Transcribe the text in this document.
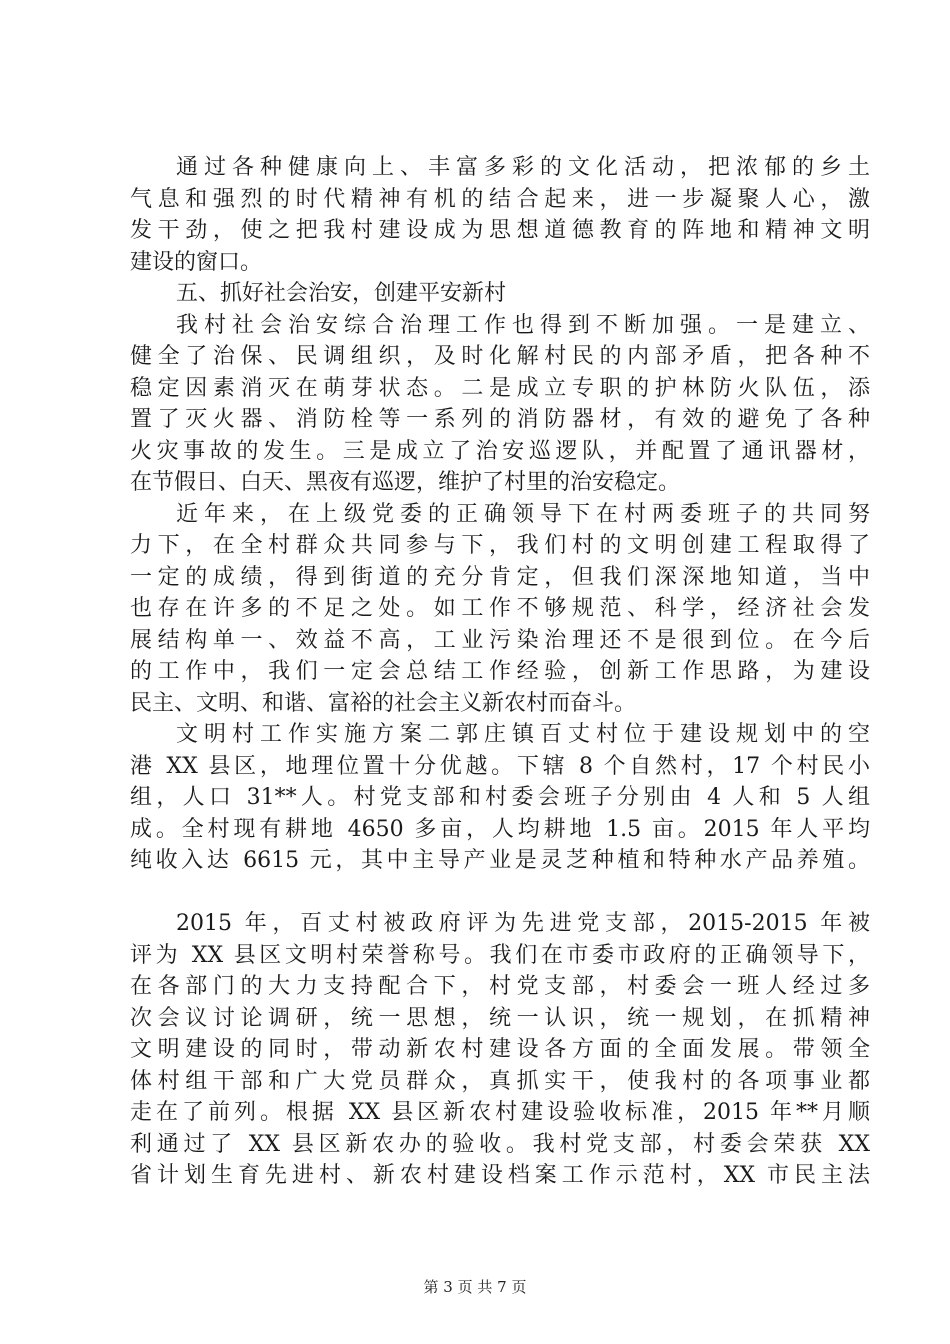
通过各种健康向上、丰富多彩的文化活动，把浓郁的乡土
气息和强烈的时代精神有机的结合起来，进一步凝聚人心，激
发干劲，使之把我村建设成为思想道德教育的阵地和精神文明
建设的窗口。
五、抓好社会治安，创建平安新村
我村社会治安综合治理工作也得到不断加强。一是建立、
健全了治保、民调组织，及时化解村民的内部矛盾，把各种不
稳定因素消灭在萌芽状态。二是成立专职的护林防火队伍，添
置了灭火器、消防栓等一系列的消防器材，有效的避免了各种
火灾事故的发生。三是成立了治安巡逻队，并配置了通讯器材，
在节假日、白天、黑夜有巡逻，维护了村里的治安稳定。
近年来，在上级党委的正确领导下在村两委班子的共同努
力下，在全村群众共同参与下，我们村的文明创建工程取得了
一定的成绩，得到街道的充分肯定，但我们深深地知道，当中
也存在许多的不足之处。如工作不够规范、科学，经济社会发
展结构单一、效益不高，工业污染治理还不是很到位。在今后
的工作中，我们一定会总结工作经验，创新工作思路，为建设
民主、文明、和谐、富裕的社会主义新农村而奋斗。
文明村工作实施方案二郭庄镇百丈村位于建设规划中的空
港 XX 县区，地理位置十分优越。下辖 8 个自然村，17 个村民小
组，人口 31**人。村党支部和村委会班子分别由 4 人和 5 人组
成。全村现有耕地 4650 多亩，人均耕地 1.5 亩。2015 年人平均
纯收入达 6615 元，其中主导产业是灵芝种植和特种水产品养殖。
2015 年，百丈村被政府评为先进党支部，2015-2015 年被
评为 XX 县区文明村荣誉称号。我们在市委市政府的正确领导下，
在各部门的大力支持配合下，村党支部，村委会一班人经过多
次会议讨论调研，统一思想，统一认识，统一规划，在抓精神
文明建设的同时，带动新农村建设各方面的全面发展。带领全
体村组干部和广大党员群众，真抓实干，使我村的各项事业都
走在了前列。根据 XX 县区新农村建设验收标准，2015 年**月顺
利通过了 XX 县区新农办的验收。我村党支部，村委会荣获 XX
省计划生育先进村、新农村建设档案工作示范村，XX 市民主法
第 3 页 共 7 页
